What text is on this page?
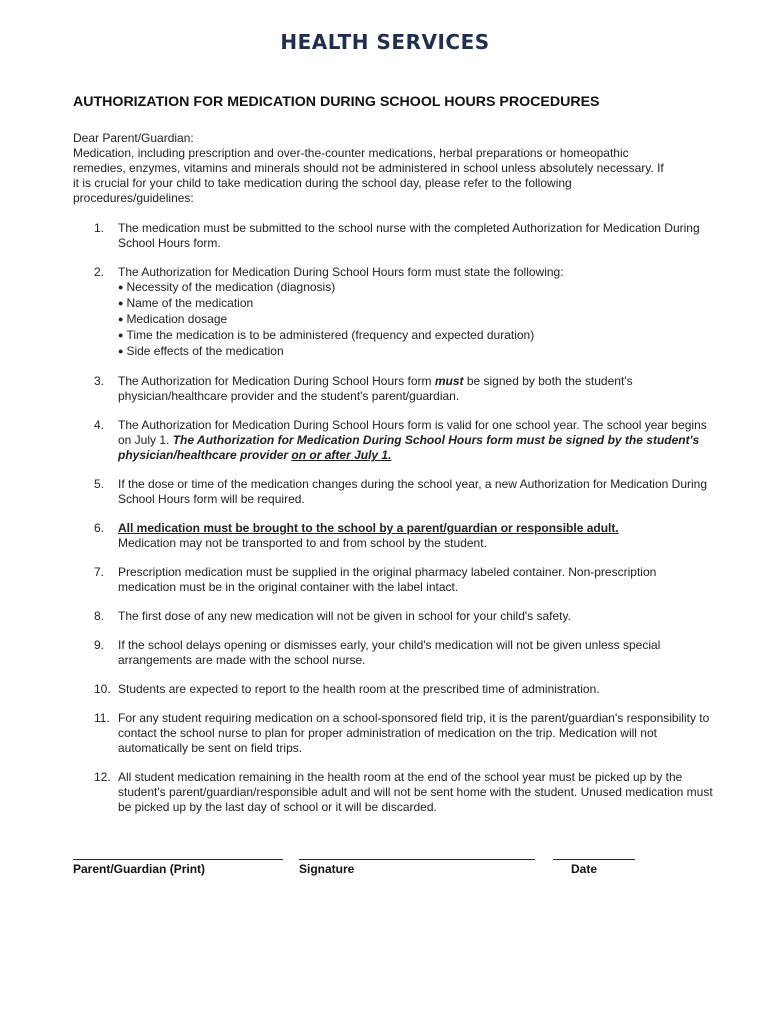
HEALTH SERVICES
AUTHORIZATION FOR MEDICATION DURING SCHOOL HOURS PROCEDURES

Dear Parent/Guardian:

Medication, including prescription and over-the-counter medications, herbal preparations or homeopathic remedies, enzymes, vitamins and minerals should not be administered in school unless absolutely necessary. If it is crucial for your child to take medication during the school day, please refer to the following procedures/guidelines:

1. The medication must be submitted to the school nurse with the completed Authorization for Medication During School Hours form.
2. The Authorization for Medication During School Hours form must state the following:
● Necessity of the medication (diagnosis)
● Name of the medication
● Medication dosage
● Time the medication is to be administered (frequency and expected duration)
● Side effects of the medication
3. The Authorization for Medication During School Hours form must be signed by both the student's physician/healthcare provider and the student's parent/guardian.
4. The Authorization for Medication During School Hours form is valid for one school year. The school year begins on July 1. The Authorization for Medication During School Hours form must be signed by the student's physician/healthcare provider on or after July 1.
5. If the dose or time of the medication changes during the school year, a new Authorization for Medication During School Hours form will be required.
6. All medication must be brought to the school by a parent/guardian or responsible adult.
Medication may not be transported to and from school by the student.
7. Prescription medication must be supplied in the original pharmacy labeled container. Non-prescription medication must be in the original container with the label intact.
8. The first dose of any new medication will not be given in school for your child's safety.
9. If the school delays opening or dismisses early, your child's medication will not be given unless special arrangements are made with the school nurse.
10. Students are expected to report to the health room at the prescribed time of administration.
11. For any student requiring medication on a school-sponsored field trip, it is the parent/guardian's responsibility to contact the school nurse to plan for proper administration of medication on the trip. Medication will not automatically be sent on field trips.
12. All student medication remaining in the health room at the end of the school year must be picked up by the student's parent/guardian/responsible adult and will not be sent home with the student. Unused medication must be picked up by the last day of school or it will be discarded.
Parent/Guardian (Print)	Signature	Date
